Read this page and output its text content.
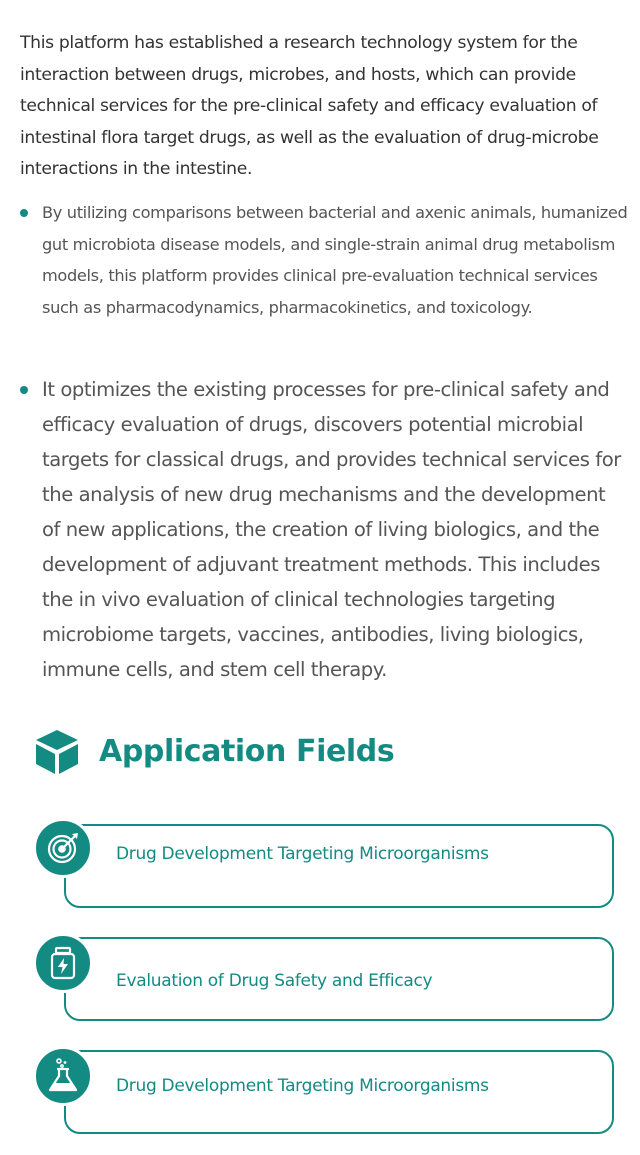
This platform has established a research technology system for the interaction between drugs, microbes, and hosts, which can provide technical services for the pre-clinical safety and efficacy evaluation of intestinal flora target drugs, as well as the evaluation of drug-microbe interactions in the intestine.

By utilizing comparisons between bacterial and axenic animals, humanized gut microbiota disease models, and single-strain animal drug metabolism models, this platform provides clinical pre-evaluation technical services such as pharmacodynamics, pharmacokinetics, and toxicology.
It optimizes the existing processes for pre-clinical safety and efficacy evaluation of drugs, discovers potential microbial targets for classical drugs, and provides technical services for the analysis of new drug mechanisms and the development of new applications, the creation of living biologics, and the development of adjuvant treatment methods. This includes the in vivo evaluation of clinical technologies targeting microbiome targets, vaccines, antibodies, living biologics, immune cells, and stem cell therapy.
Application Fields
Drug Development Targeting Microorganisms
Evaluation of Drug Safety and Efficacy
Drug Development Targeting Microorganisms
